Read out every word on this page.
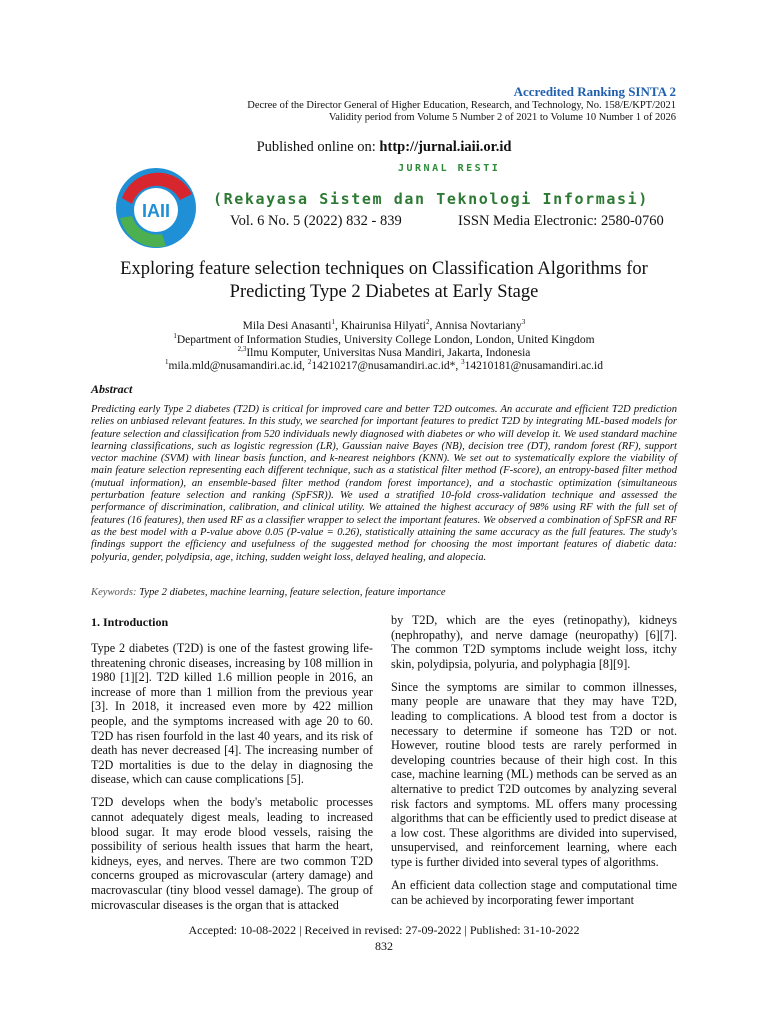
Accredited Ranking SINTA 2
Decree of the Director General of Higher Education, Research, and Technology, No. 158/E/KPT/2021
Validity period from Volume 5 Number 2 of 2021 to Volume 10 Number 1 of 2026
Published online on: http://jurnal.iaii.or.id
JURNAL RESTI
IAII
(Rekayasa Sistem dan Teknologi Informasi)
Vol. 6 No. 5 (2022) 832 - 839	ISSN Media Electronic: 2580-0760
Exploring feature selection techniques on Classification Algorithms for
Predicting Type 2 Diabetes at Early Stage
Mila Desi Anasanti$^1$, Khairunisa Hilyati$^2$, Annisa Novtariany$^3$
$^1$Department of Information Studies, University College London, London, United Kingdom
$^{2,3}$Ilmu Komputer, Universitas Nusa Mandiri, Jakarta, Indonesia
$^1$mila.mld@nusamandiri.ac.id, $^2$14210217@nusamandiri.ac.id*, $^3$14210181@nusamandiri.ac.id
Abstract
Predicting early Type 2 diabetes (T2D) is critical for improved care and better T2D outcomes. An accurate and efficient T2D prediction relies on unbiased relevant features. In this study, we searched for important features to predict T2D by integrating ML-based models for feature selection and classification from 520 individuals newly diagnosed with diabetes or who will develop it. We used standard machine learning classifications, such as logistic regression (LR), Gaussian naive Bayes (NB), decision tree (DT), random forest (RF), support vector machine (SVM) with linear basis function, and k-nearest neighbors (KNN). We set out to systematically explore the viability of main feature selection representing each different technique, such as a statistical filter method (F-score), an entropy-based filter method (mutual information), an ensemble-based filter method (random forest importance), and a stochastic optimization (simultaneous perturbation feature selection and ranking (SpFSR)). We used a stratified 10-fold cross-validation technique and assessed the performance of discrimination, calibration, and clinical utility. We attained the highest accuracy of 98% using RF with the full set of features (16 features), then used RF as a classifier wrapper to select the important features. We observed a combination of SpFSR and RF as the best model with a P-value above 0.05 (P-value = 0.26), statistically attaining the same accuracy as the full features. The study's findings support the efficiency and usefulness of the suggested method for choosing the most important features of diabetic data: polyuria, gender, polydipsia, age, itching, sudden weight loss, delayed healing, and alopecia.
Keywords: Type 2 diabetes, machine learning, feature selection, feature importance
1. Introduction

Type 2 diabetes (T2D) is one of the fastest growing life-threatening chronic diseases, increasing by 108 million in 1980 [1][2]. T2D killed 1.6 million people in 2016, an increase of more than 1 million from the previous year [3]. In 2018, it increased even more by 422 million people, and the symptoms increased with age 20 to 60. T2D has risen fourfold in the last 40 years, and its risk of death has never decreased [4]. The increasing number of T2D mortalities is due to the delay in diagnosing the disease, which can cause complications [5].

T2D develops when the body's metabolic processes cannot adequately digest meals, leading to increased blood sugar. It may erode blood vessels, raising the possibility of serious health issues that harm the heart, kidneys, eyes, and nerves. There are two common T2D concerns grouped as microvascular (artery damage) and macrovascular (tiny blood vessel damage). The group of microvascular diseases is the organ that is attacked

by T2D, which are the eyes (retinopathy), kidneys (nephropathy), and nerve damage (neuropathy) [6][7]. The common T2D symptoms include weight loss, itchy skin, polydipsia, polyuria, and polyphagia [8][9].

Since the symptoms are similar to common illnesses, many people are unaware that they may have T2D, leading to complications. A blood test from a doctor is necessary to determine if someone has T2D or not. However, routine blood tests are rarely performed in developing countries because of their high cost. In this case, machine learning (ML) methods can be served as an alternative to predict T2D outcomes by analyzing several risk factors and symptoms. ML offers many processing algorithms that can be efficiently used to predict disease at a low cost. These algorithms are divided into supervised, unsupervised, and reinforcement learning, where each type is further divided into several types of algorithms.

An efficient data collection stage and computational time can be achieved by incorporating fewer important

Accepted: 10-08-2022 | Received in revised: 27-09-2022 | Published: 31-10-2022
832
